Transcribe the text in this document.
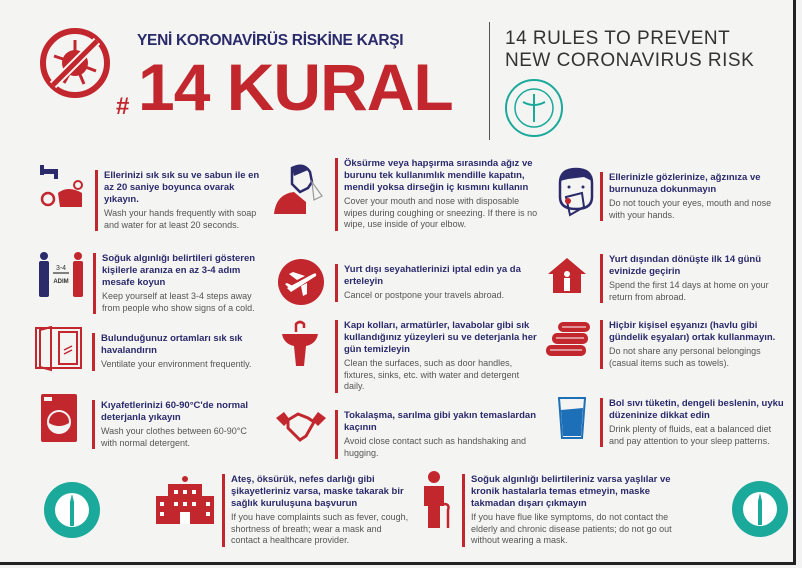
YENİ KORONAVİRÜS RİSKİNE KARŞI
# 14 KURAL
14 RULES TO PREVENT
NEW CORONAVIRUS RISK
Ellerinizi sık sık su ve sabun ile en az 20 saniye boyunca ovarak yıkayın.
Wash your hands frequently with soap and water for at least 20 seconds.
3-4
ADIM
Soğuk algınlığı belirtileri gösteren kişilerle aranıza en az 3-4 adım mesafe koyun
Keep yourself at least 3-4 steps away from people who show signs of a cold.
Bulunduğunuz ortamları sık sık havalandırın
Ventilate your environment frequently.
Kıyafetlerinizi 60-90°C'de normal deterjanla yıkayın
Wash your clothes between 60-90°C with normal detergent.
Öksürme veya hapşırma sırasında ağız ve burunu tek kullanımlık mendille kapatın, mendil yoksa dirseğin iç kısmını kullanın
Cover your mouth and nose with disposable wipes during coughing or sneezing. If there is no wipe, use inside of your elbow.
Yurt dışı seyahatlerinizi iptal edin ya da erteleyin
Cancel or postpone your travels abroad.
Kapı kolları, armatürler, lavabolar gibi sık kullandığınız yüzeyleri su ve deterjanla her gün temizleyin
Clean the surfaces, such as door handles, fixtures, sinks, etc. with water and detergent daily.
Tokalaşma, sarılma gibi yakın temaslardan kaçının
Avoid close contact such as handshaking and hugging.
Ellerinizle gözlerinize, ağzınıza ve burnunuza dokunmayın
Do not touch your eyes, mouth and nose with your hands.
Yurt dışından dönüşte ilk 14 günü evinizde geçirin
Spend the first 14 days at home on your return from abroad.
Hiçbir kişisel eşyanızı (havlu gibi gündelik eşyaları) ortak kullanmayın.
Do not share any personal belongings (casual items such as towels).
Bol sıvı tüketin, dengeli beslenin, uyku düzeninize dikkat edin
Drink plenty of fluids, eat a balanced diet and pay attention to your sleep patterns.
Ateş, öksürük, nefes darlığı gibi şikayetleriniz varsa, maske takarak bir sağlık kuruluşuna başvurun
If you have complaints such as fever, cough, shortness of breath; wear a mask and contact a healthcare provider.
Soğuk algınlığı belirtileriniz varsa yaşlılar ve kronik hastalarla temas etmeyin, maske takmadan dışarı çıkmayın
If you have flue like symptoms, do not contact the elderly and chronic disease patients; do not go out without wearing a mask.
